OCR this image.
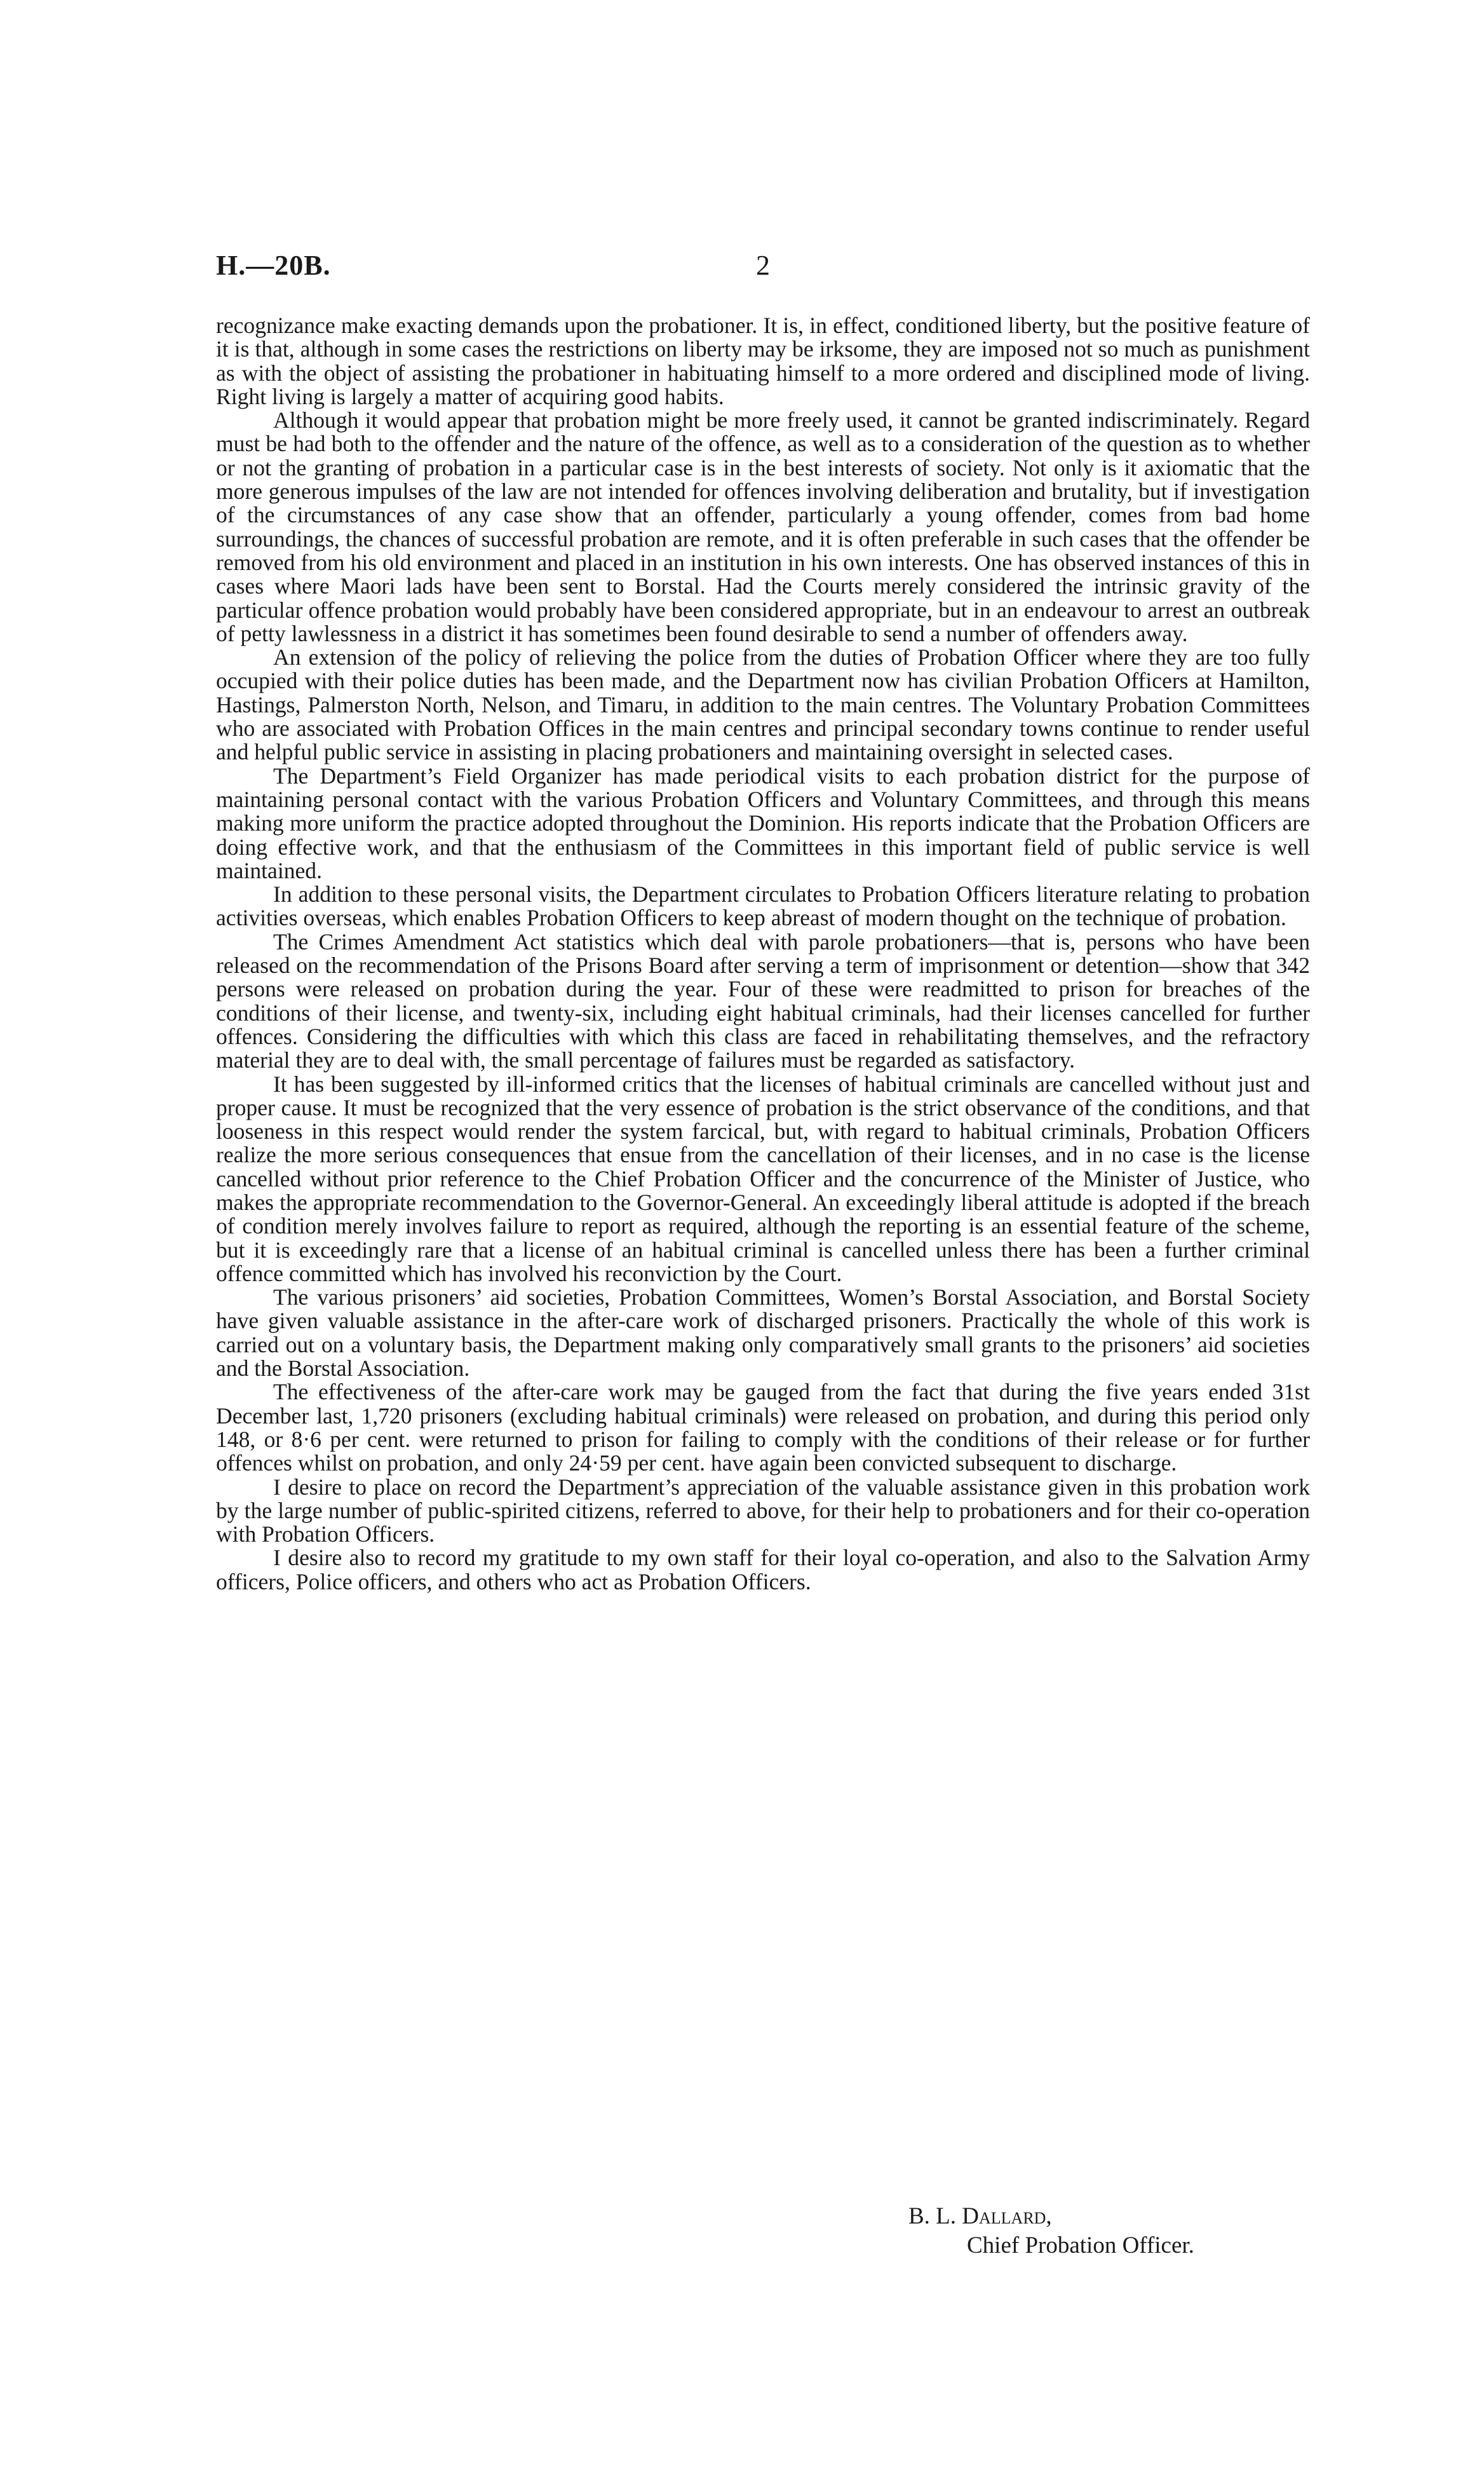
H.—20B.	2

recognizance make exacting demands upon the probationer. It is, in effect, conditioned liberty, but the positive feature of it is that, although in some cases the restrictions on liberty may be irksome, they are imposed not so much as punishment as with the object of assisting the probationer in habituating himself to a more ordered and disciplined mode of living. Right living is largely a matter of acquiring good habits.

Although it would appear that probation might be more freely used, it cannot be granted indiscriminately. Regard must be had both to the offender and the nature of the offence, as well as to a consideration of the question as to whether or not the granting of probation in a particular case is in the best interests of society. Not only is it axiomatic that the more generous impulses of the law are not intended for offences involving deliberation and brutality, but if investigation of the circumstances of any case show that an offender, particularly a young offender, comes from bad home surroundings, the chances of successful probation are remote, and it is often preferable in such cases that the offender be removed from his old environment and placed in an institution in his own interests. One has observed instances of this in cases where Maori lads have been sent to Borstal. Had the Courts merely considered the intrinsic gravity of the particular offence probation would probably have been considered appropriate, but in an endeavour to arrest an outbreak of petty lawlessness in a district it has sometimes been found desirable to send a number of offenders away.

An extension of the policy of relieving the police from the duties of Probation Officer where they are too fully occupied with their police duties has been made, and the Department now has civilian Probation Officers at Hamilton, Hastings, Palmerston North, Nelson, and Timaru, in addition to the main centres. The Voluntary Probation Committees who are associated with Probation Offices in the main centres and principal secondary towns continue to render useful and helpful public service in assisting in placing probationers and maintaining oversight in selected cases.

The Department’s Field Organizer has made periodical visits to each probation district for the purpose of maintaining personal contact with the various Probation Officers and Voluntary Committees, and through this means making more uniform the practice adopted throughout the Dominion. His reports indicate that the Probation Officers are doing effective work, and that the enthusiasm of the Committees in this important field of public service is well maintained.

In addition to these personal visits, the Department circulates to Probation Officers literature relating to probation activities overseas, which enables Probation Officers to keep abreast of modern thought on the technique of probation.

The Crimes Amendment Act statistics which deal with parole probationers—that is, persons who have been released on the recommendation of the Prisons Board after serving a term of imprisonment or detention—show that 342 persons were released on probation during the year. Four of these were readmitted to prison for breaches of the conditions of their license, and twenty-six, including eight habitual criminals, had their licenses cancelled for further offences. Considering the difficulties with which this class are faced in rehabilitating themselves, and the refractory material they are to deal with, the small percentage of failures must be regarded as satisfactory.

It has been suggested by ill-informed critics that the licenses of habitual criminals are cancelled without just and proper cause. It must be recognized that the very essence of probation is the strict observance of the conditions, and that looseness in this respect would render the system farcical, but, with regard to habitual criminals, Probation Officers realize the more serious consequences that ensue from the cancellation of their licenses, and in no case is the license cancelled without prior reference to the Chief Probation Officer and the concurrence of the Minister of Justice, who makes the appropriate recommendation to the Governor-General. An exceedingly liberal attitude is adopted if the breach of condition merely involves failure to report as required, although the reporting is an essential feature of the scheme, but it is exceedingly rare that a license of an habitual criminal is cancelled unless there has been a further criminal offence committed which has involved his reconviction by the Court.

The various prisoners’ aid societies, Probation Committees, Women’s Borstal Association, and Borstal Society have given valuable assistance in the after-care work of discharged prisoners. Practically the whole of this work is carried out on a voluntary basis, the Department making only comparatively small grants to the prisoners’ aid societies and the Borstal Association.

The effectiveness of the after-care work may be gauged from the fact that during the five years ended 31st December last, 1,720 prisoners (excluding habitual criminals) were released on probation, and during this period only 148, or 8·6 per cent. were returned to prison for failing to comply with the conditions of their release or for further offences whilst on probation, and only 24·59 per cent. have again been convicted subsequent to discharge.

I desire to place on record the Department’s appreciation of the valuable assistance given in this probation work by the large number of public-spirited citizens, referred to above, for their help to probationers and for their co-operation with Probation Officers.

I desire also to record my gratitude to my own staff for their loyal co-operation, and also to the Salvation Army officers, Police officers, and others who act as Probation Officers.

B. L. Dallard,
Chief Probation Officer.
